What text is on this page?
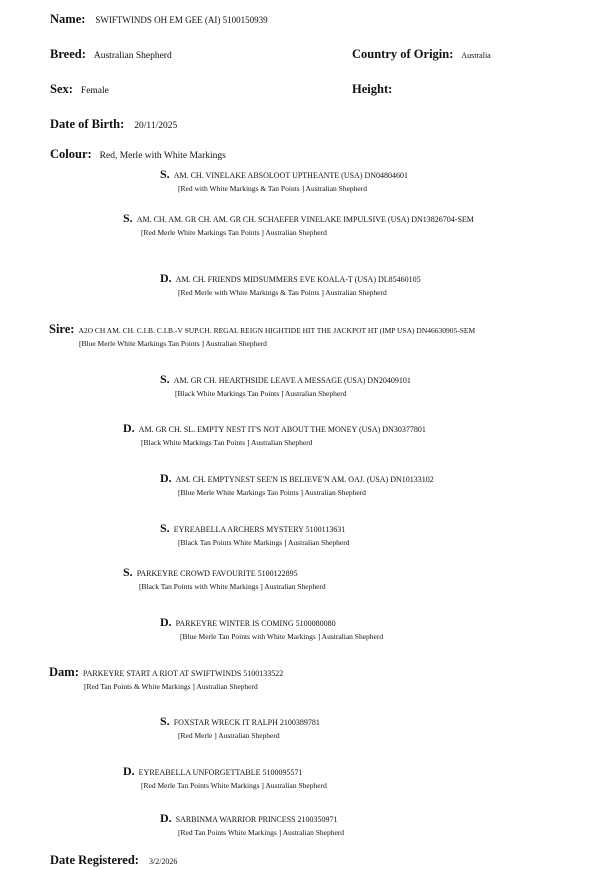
Name: SWIFTWINDS OH EM GEE (AI) 5100150939
Breed: Australian Shepherd	Country of Origin: Australia
Sex: Female	Height:
Date of Birth: 20/11/2025
Colour: Red, Merle with White Markings
S. AM. CH. VINELAKE ABSOLOOT UPTHEANTE (USA) DN04804601
[Red with White Markings & Tan Points ] Australian Shepherd
S. AM. CH. AM. GR CH. AM. GR CH. SCHAEFER VINELAKE IMPULSIVE (USA) DN13826704-SEM
[Red Merle White Markings Tan Points ] Australian Shepherd
D. AM. CH. FRIENDS MIDSUMMERS EVE KOALA-T (USA) DL85460105
[Red Merle with White Markings & Tan Points ] Australian Shepherd
Sire: A2O CH AM. CH. C.I.B. C.I.B.-V SUP.CH. REGAL REIGN HIGHTIDE HIT THE JACKPOT HT (IMP USA) DN46630905-SEM
[Blue Merle White Markings Tan Points ] Australian Shepherd
S. AM. GR CH. HEARTHSIDE LEAVE A MESSAGE (USA) DN20409101
[Black White Markings Tan Points ] Australian Shepherd
D. AM. GR CH. SL. EMPTY NEST IT'S NOT ABOUT THE MONEY (USA) DN30377801
[Black White Markings Tan Points ] Australian Shepherd
D. AM. CH. EMPTYNEST SEE'N IS BELIEVE'N AM. OAJ. (USA) DN10133102
[Blue Merle White Markings Tan Points ] Australian Shepherd
S. EYREABELLA ARCHERS MYSTERY 5100113631
[Black Tan Points White Markings ] Australian Shepherd
S. PARKEYRE CROWD FAVOURITE 5100122895
[Black Tan Points with White Markings ] Australian Shepherd
D. PARKEYRE WINTER IS COMING 5100080080
[Blue Merle Tan Points with White Markings ] Australian Shepherd
Dam: PARKEYRE START A RIOT AT SWIFTWINDS 5100133522
[Red Tan Points & White Markings ] Australian Shepherd
S. FOXSTAR WRECK IT RALPH 2100389781
[Red Merle ] Australian Shepherd
D. EYREABELLA UNFORGETTABLE 5100095571
[Red Merle Tan Points White Markings ] Australian Shepherd
D. SARBINMA WARRIOR PRINCESS 2100350971
[Red Tan Points White Markings ] Australian Shepherd
Date Registered: 3/2/2026
